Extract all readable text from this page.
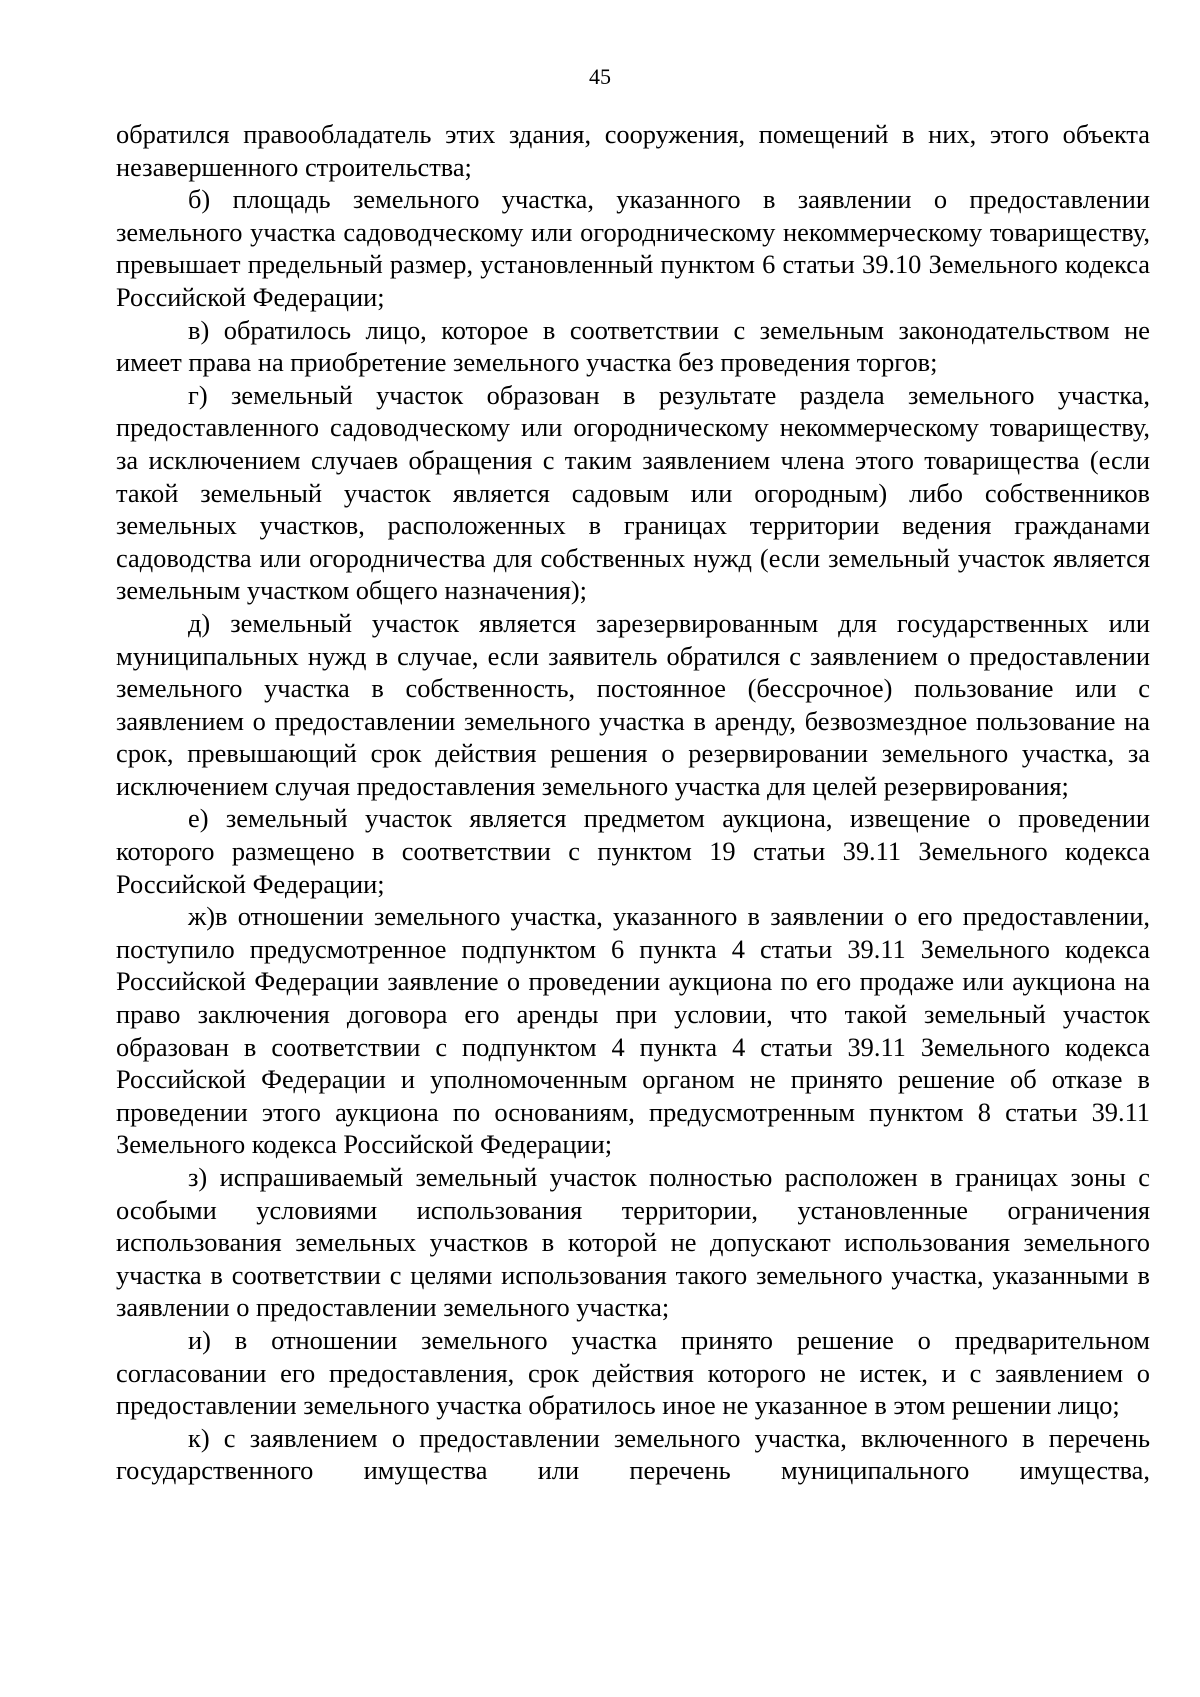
45

обратился правообладатель этих здания, сооружения, помещений в них, этого объекта незавершенного строительства;

б) площадь земельного участка, указанного в заявлении о предоставлении земельного участка садоводческому или огородническому некоммерческому товариществу, превышает предельный размер, установленный пунктом 6 статьи 39.10 Земельного кодекса Российской Федерации;

в) обратилось лицо, которое в соответствии с земельным законодательством не имеет права на приобретение земельного участка без проведения торгов;

г) земельный участок образован в результате раздела земельного участка, предоставленного садоводческому или огородническому некоммерческому товариществу, за исключением случаев обращения с таким заявлением члена этого товарищества (если такой земельный участок является садовым или огородным) либо собственников земельных участков, расположенных в границах территории ведения гражданами садоводства или огородничества для собственных нужд (если земельный участок является земельным участком общего назначения);

д) земельный участок является зарезервированным для государственных или муниципальных нужд в случае, если заявитель обратился с заявлением о предоставлении земельного участка в собственность, постоянное (бессрочное) пользование или с заявлением о предоставлении земельного участка в аренду, безвозмездное пользование на срок, превышающий срок действия решения о резервировании земельного участка, за исключением случая предоставления земельного участка для целей резервирования;

е) земельный участок является предметом аукциона, извещение о проведении которого размещено в соответствии с пунктом 19 статьи 39.11 Земельного кодекса Российской Федерации;

ж)в отношении земельного участка, указанного в заявлении о его предоставлении, поступило предусмотренное подпунктом 6 пункта 4 статьи 39.11 Земельного кодекса Российской Федерации заявление о проведении аукциона по его продаже или аукциона на право заключения договора его аренды при условии, что такой земельный участок образован в соответствии с подпунктом 4 пункта 4 статьи 39.11 Земельного кодекса Российской Федерации и уполномоченным органом не принято решение об отказе в проведении этого аукциона по основаниям, предусмотренным пунктом 8 статьи 39.11 Земельного кодекса Российской Федерации;

з) испрашиваемый земельный участок полностью расположен в границах зоны с особыми условиями использования территории, установленные ограничения использования земельных участков в которой не допускают использования земельного участка в соответствии с целями использования такого земельного участка, указанными в заявлении о предоставлении земельного участка;

и) в отношении земельного участка принято решение о предварительном согласовании его предоставления, срок действия которого не истек, и с заявлением о предоставлении земельного участка обратилось иное не указанное в этом решении лицо;

к) с заявлением о предоставлении земельного участка, включенного в перечень государственного имущества или перечень муниципального имущества,
